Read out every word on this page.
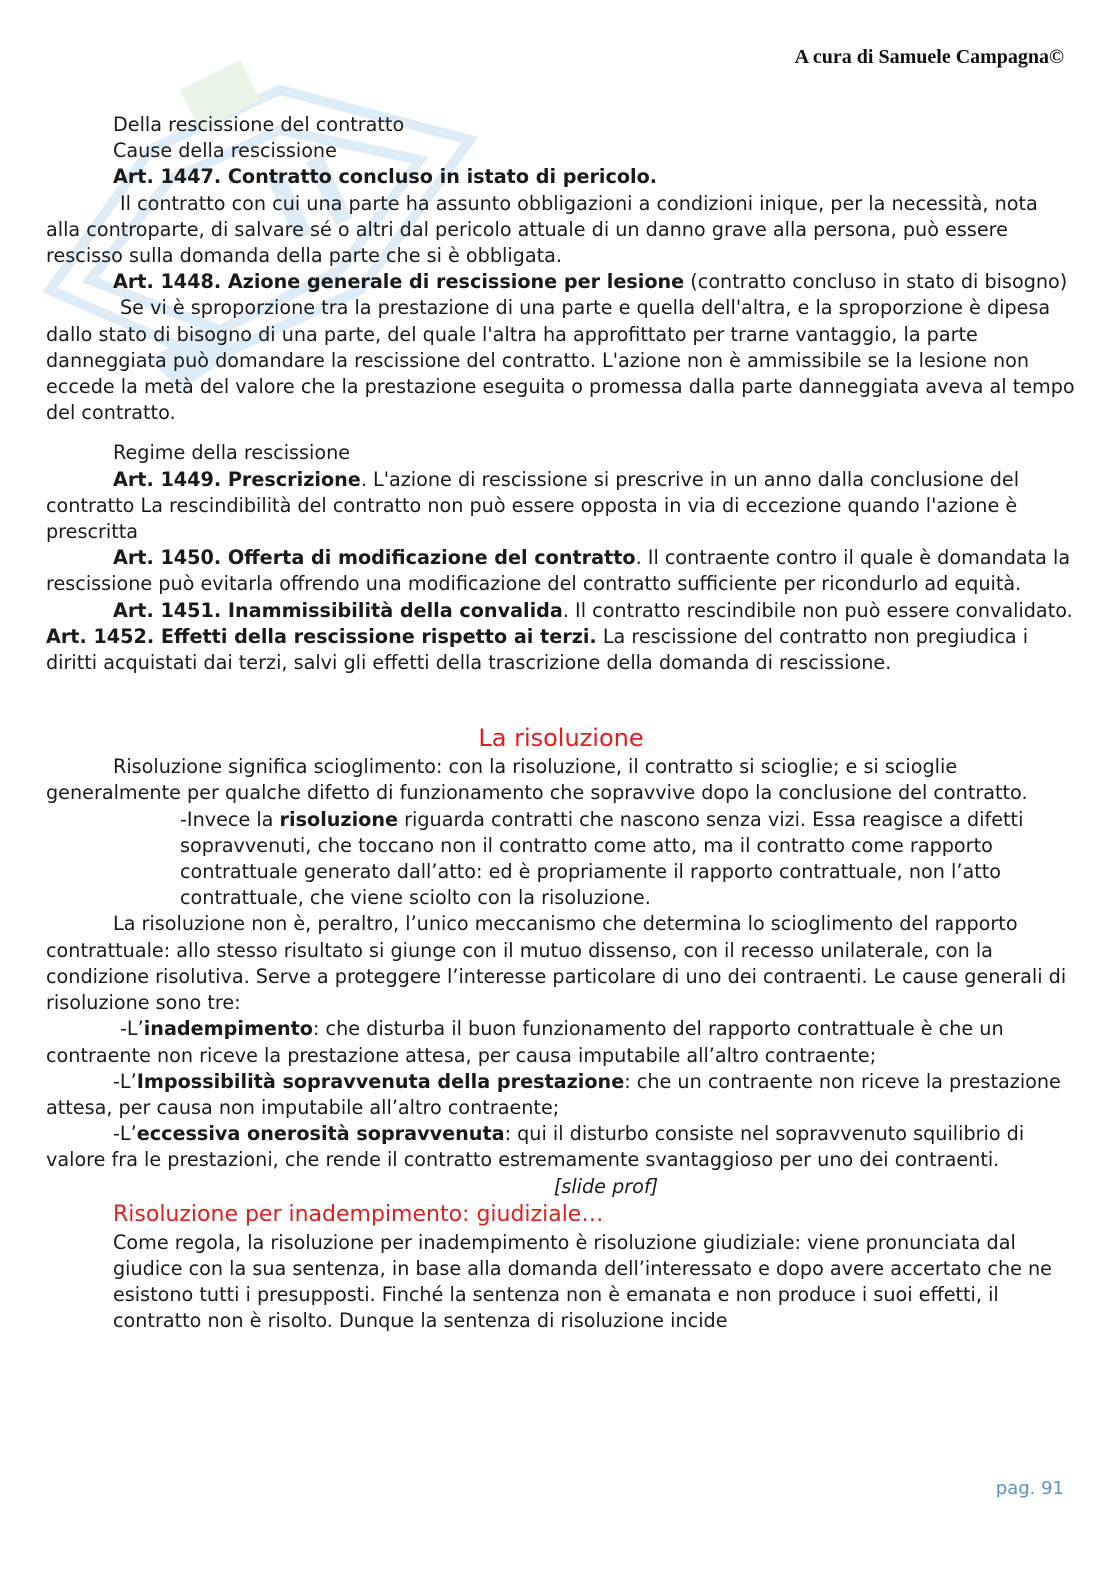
A cura di Samuele Campagna©

Della rescissione del contratto

Cause della rescissione

Art. 1447. Contratto concluso in istato di pericolo.

Il contratto con cui una parte ha assunto obbligazioni a condizioni inique, per la necessità, nota alla controparte, di salvare sé o altri dal pericolo attuale di un danno grave alla persona, può essere rescisso sulla domanda della parte che si è obbligata.

Art. 1448. Azione generale di rescissione per lesione (contratto concluso in stato di bisogno)

Se vi è sproporzione tra la prestazione di una parte e quella dell'altra, e la sproporzione è dipesa dallo stato di bisogno di una parte, del quale l'altra ha approfittato per trarne vantaggio, la parte danneggiata può domandare la rescissione del contratto. L'azione non è ammissibile se la lesione non eccede la metà del valore che la prestazione eseguita o promessa dalla parte danneggiata aveva al tempo del contratto.

Regime della rescissione

Art. 1449. Prescrizione. L'azione di rescissione si prescrive in un anno dalla conclusione del contratto La rescindibilità del contratto non può essere opposta in via di eccezione quando l'azione è prescritta

Art. 1450. Offerta di modificazione del contratto. Il contraente contro il quale è domandata la rescissione può evitarla offrendo una modificazione del contratto sufficiente per ricondurlo ad equità.

Art. 1451. Inammissibilità della convalida. Il contratto rescindibile non può essere convalidato.

Art. 1452. Effetti della rescissione rispetto ai terzi. La rescissione del contratto non pregiudica i diritti acquistati dai terzi, salvi gli effetti della trascrizione della domanda di rescissione.

La risoluzione

Risoluzione significa scioglimento: con la risoluzione, il contratto si scioglie; e si scioglie generalmente per qualche difetto di funzionamento che sopravvive dopo la conclusione del contratto.

-Invece la risoluzione riguarda contratti che nascono senza vizi. Essa reagisce a difetti sopravvenuti, che toccano non il contratto come atto, ma il contratto come rapporto contrattuale generato dall’atto: ed è propriamente il rapporto contrattuale, non l’atto contrattuale, che viene sciolto con la risoluzione.

La risoluzione non è, peraltro, l’unico meccanismo che determina lo scioglimento del rapporto contrattuale: allo stesso risultato si giunge con il mutuo dissenso, con il recesso unilaterale, con la condizione risolutiva. Serve a proteggere l’interesse particolare di uno dei contraenti. Le cause generali di risoluzione sono tre:

-L’inadempimento: che disturba il buon funzionamento del rapporto contrattuale è che un contraente non riceve la prestazione attesa, per causa imputabile all’altro contraente;

-L’Impossibilità sopravvenuta della prestazione: che un contraente non riceve la prestazione attesa, per causa non imputabile all’altro contraente;

-L’eccessiva onerosità sopravvenuta: qui il disturbo consiste nel sopravvenuto squilibrio di valore fra le prestazioni, che rende il contratto estremamente svantaggioso per uno dei contraenti.

[slide prof]

Risoluzione per inadempimento: giudiziale…

Come regola, la risoluzione per inadempimento è risoluzione giudiziale: viene pronunciata dal giudice con la sua sentenza, in base alla domanda dell’interessato e dopo avere accertato che ne esistono tutti i presupposti. Finché la sentenza non è emanata e non produce i suoi effetti, il contratto non è risolto. Dunque la sentenza di risoluzione incide

pag. 91
